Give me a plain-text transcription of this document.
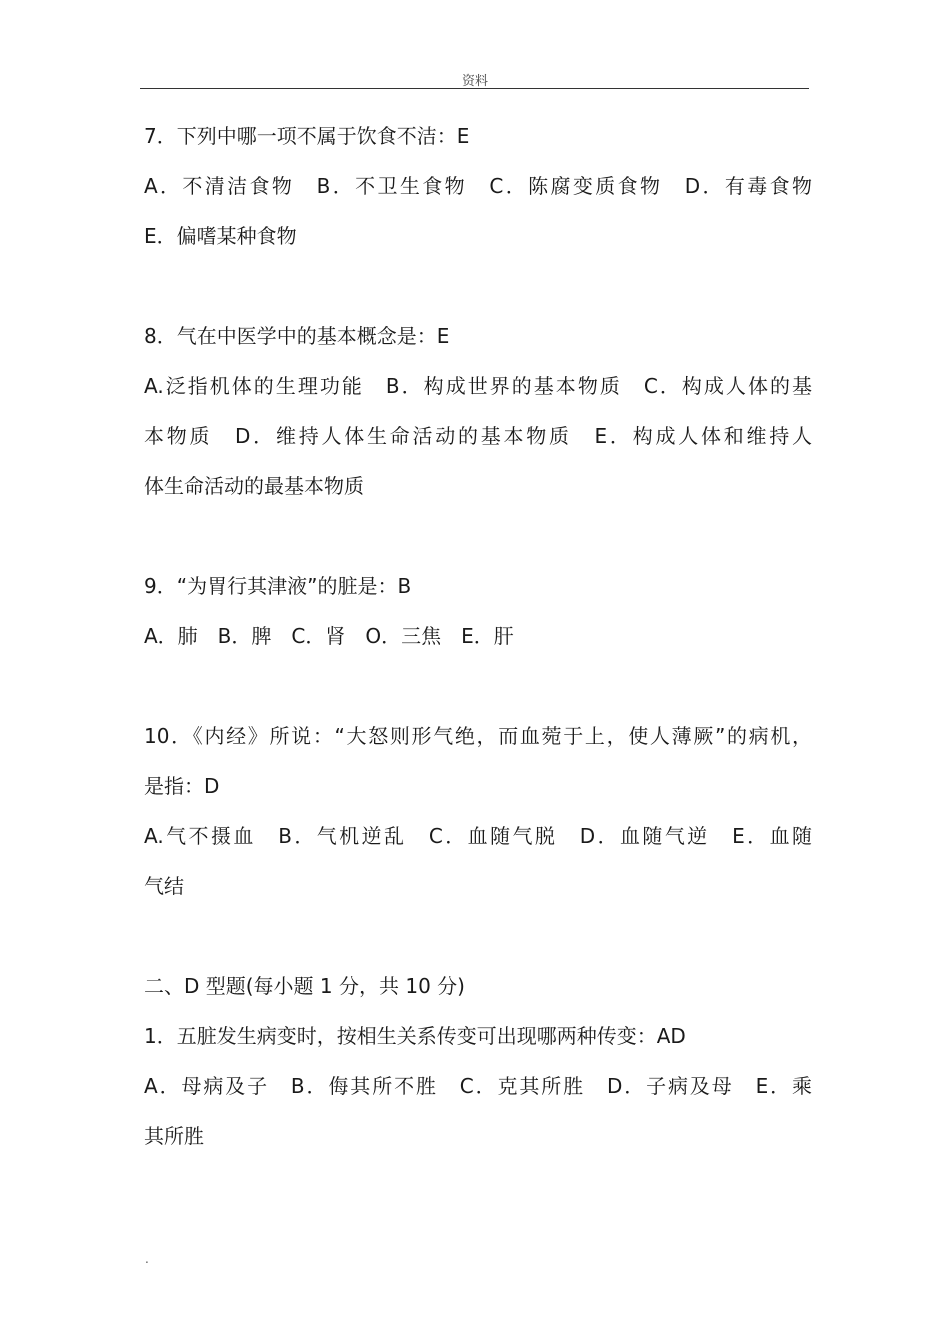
资料
7．下列中哪一项不属于饮食不洁：E
A．不清洁食物　B．不卫生食物　C．陈腐变质食物　D．有毒食物
E．偏嗜某种食物
8．气在中医学中的基本概念是：E
A.泛指机体的生理功能　B．构成世界的基本物质　C．构成人体的基
本物质　D．维持人体生命活动的基本物质　E．构成人体和维持人
体生命活动的最基本物质
9．“为胃行其津液”的脏是：B
A．肺　B．脾　C．肾　O．三焦　E．肝
10．《内经》所说：“大怒则形气绝，而血菀于上，使人薄厥”的病机，
是指：D
A.气不摄血　B．气机逆乱　C．血随气脱　D．血随气逆　E．血随
气结
二、D 型题(每小题 1 分，共 10 分)
1．五脏发生病变时，按相生关系传变可出现哪两种传变：AD
A．母病及子　B．侮其所不胜　C．克其所胜　D．子病及母　E．乘
其所胜
.
